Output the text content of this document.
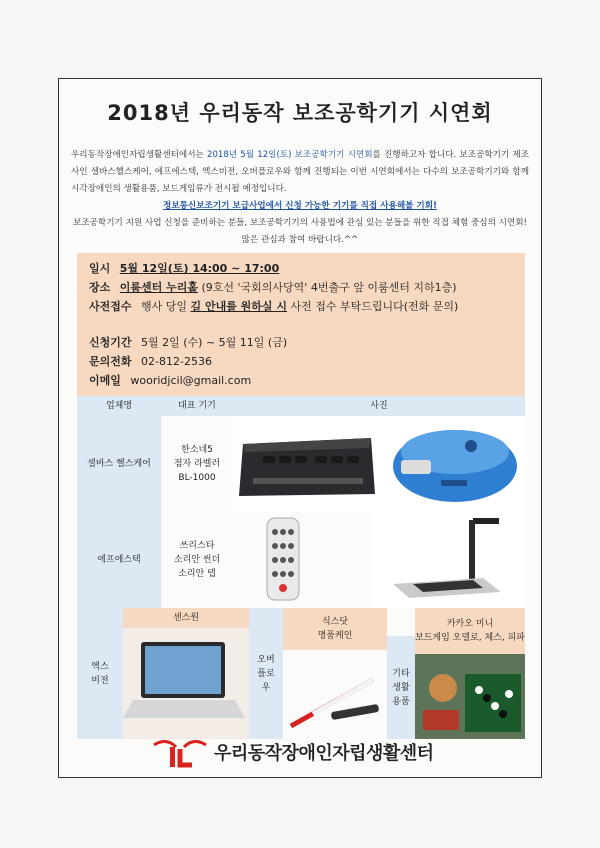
2018년 우리동작 보조공학기기 시연회
우리동작장애인자립생활센터에서는 2018년 5월 12일(토) 보조공학기기 시연회를 진행하고자 합니다. 보조공학기기 제조사인 셀바스헬스케어, 에프에스텍, 엑스비전, 오버플로우와 함께 진행되는 이번 시연회에서는 다수의 보조공학기기와 함께 시각장애인의 생활용품, 보드게임류가 전시될 예정입니다.
정보통신보조기기 보급사업에서 신청 가능한 기기를 직접 사용해볼 기회!
보조공학기기 지원 사업 신청을 준비하는 분들, 보조공학기기의 사용법에 관심 있는 분들을 위한 직접 체험 중심의 시연회! 많은 관심과 참여 바랍니다.^^
일시 5월 12일(토) 14:00 ~ 17:00
장소 이룸센터 누리홀 (9호선 '국회의사당역' 4번출구 앞 이룸센터 지하1층)
사전접수 행사 당일 길 안내를 원하실 시 사전 접수 부탁드립니다(전화 문의)
신청기간 5월 2일 (수) ~ 5월 11일 (금)
문의전화 02-812-2536
이메일 wooridjcil@gmail.com
업체명	대표 기기	사진
셀바스 헬스케어
한소네5
점자 라벨러
BL-1000
에프에스텍
쓰리스타
소리안 썬더
소리안 탭
엑스
비전
센스원
오버
플로
우
식스닷
명품케인
기타
생활
용품
카카오 미니
보드게임 오델로, 체스, 피파
우리동작장애인자립생활센터
